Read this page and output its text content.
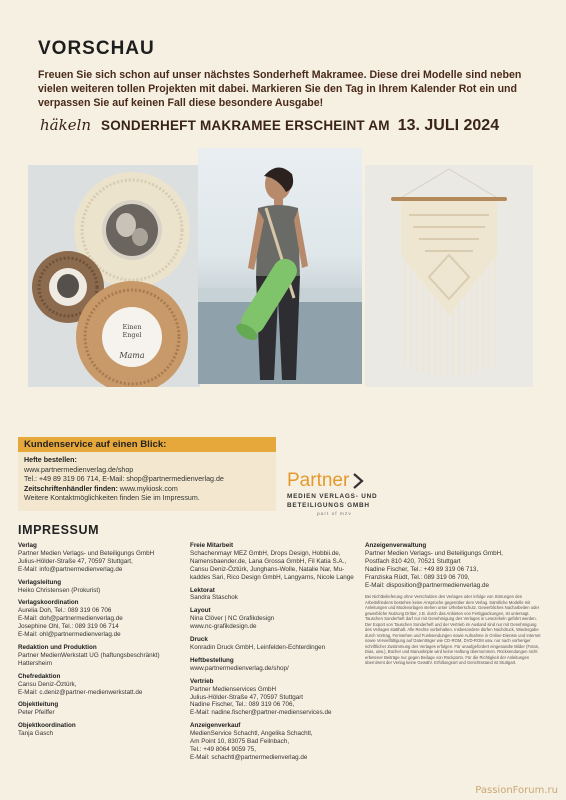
VORSCHAU
Freuen Sie sich schon auf unser nächstes Sonderheft Makramee. Diese drei Modelle sind neben vielen weiteren tollen Projekten mit dabei. Markieren Sie den Tag in Ihrem Kalender Rot ein und verpassen Sie auf keinen Fall diese besondere Ausgabe!
häkeln SONDERHEFT MAKRAMEE ERSCHEINT AM 13. JULI 2024
Einen Engel
Mama
Kundenservice auf einen Blick:
Hefte bestellen:
www.partnermedienverlag.de/shop
Tel.: +49 89 319 06 714, E-Mail: shop@partnermedienverlag.de
Zeitschriftenhändler finden: www.mykiosk.com
Weitere Kontaktmöglichkeiten finden Sie im Impressum.
Partner
MEDIEN VERLAGS- UND
BETEILIGUNGS GMBH
part of mzv
IMPRESSUM
Verlag
Partner Medien Verlags- und Beteiligungs GmbH
Julius-Hölder-Straße 47, 70597 Stuttgart,
E-Mail: info@partnermedienverlag.de
Verlagsleitung
Heiko Christensen (Prokurist)
Verlagskoordination
Aurelia Doh, Tel.: 089 319 06 706
E-Mail: doh@partnermedienverlag.de
Josephine Ohl, Tel.: 089 319 06 714
E-Mail: ohl@partnermedienverlag.de
Redaktion und Produktion
Partner MedienWerkstatt UG (haftungsbeschränkt)
Hattersheim
Chefredaktion
Cansu Deniz-Öztürk,
E-Mail: c.deniz@partner-medienwerkstatt.de
Objektleitung
Peter Pfeiffer
Objektkoordination
Tanja Gasch
Freie Mitarbeit
Schachenmayr MEZ GmbH, Drops Design, Hobbii.de,
Namensbaender.de, Lana Grossa GmbH, Fil Katia S.A.,
Cansu Deniz-Öztürk, Junghans-Wolle, Natalie Nar, Mu-
kaddes Sari, Rico Design GmbH, Langyarns, Nicole Lange
Lektorat
Sandra Staschok
Layout
Nina Clöver | NC Grafikdesign
www.nc-grafikdesign.de
Druck
Konradin Druck GmbH, Leinfelden-Echterdingen
Heftbestellung
www.partnermedienverlag.de/shop/
Vertrieb
Partner Medienservices GmbH
Julius-Hölder-Straße 47, 70597 Stuttgart
Nadine Fischer, Tel.: 089 319 06 706,
E-Mail: nadine.fischer@partner-medienservices.de
Anzeigenverkauf
MedienService Schachtl, Angelika Schachtl,
Am Point 10, 83075 Bad Feilnbach,
Tel.: +49 8064 9059 75,
E-Mail: schachtl@partnermedienverlag.de
Anzeigenverwaltung
Partner Medien Verlags- und Beteiligungs GmbH,
Postfach 810 420, 70521 Stuttgart
Nadine Fischer, Tel.: +49 89 319 06 713,
Franziska Rüdt, Tel.: 089 319 06 709,
E-Mail: disposition@partnermedienverlag.de
Bei Nichtbelieferung ohne Verschulden des Verlages oder infolge von Störungen des Arbeitsfriedens bestehen keine Ansprüche gegenüber dem Verlag. Sämtliche Modelle mit Anleitungen und Modevorlagen stehen unter Urheberschutz. Gewerbliches Nacharbeiten oder gewerbliche Nutzung Dritter, z.B. durch das Anbieten von Fertigpackungen, ist untersagt. Tauschen Sonderheft darf nur mit Genehmigung des Verlages in Lesezirkeln geführt werden. Der Export von Tauschen Sonderheft und der Vertrieb im Ausland sind nur mit Genehmigung des Verlages statthaft. Alle Rechte vorbehalten. Insbesondere dürfen Nachdruck, Wiedergabe durch Vortrag, Fernsehen und Funksendungen sowie Aufnahme in Online-Dienste und Internet sowie Vervielfältigung auf Datenträger wie CD-ROM, DVD-ROM usw. nur nach vorheriger schriftlicher Zustimmung des Verlages erfolgen. Für unaufgefordert eingesandte Bilder (Fotos, Dias, usw.), Bücher und Manuskripte wird keine Haftung übernommen. Rücksendungen nicht erbetener Beiträge nur gegen Beilage von Rückporto. Für die Richtigkeit der Anleitungen übernimmt der Verlag keine Gewähr. Erfüllungsort und Gerichtsstand ist Stuttgart.
PassionForum.ru
